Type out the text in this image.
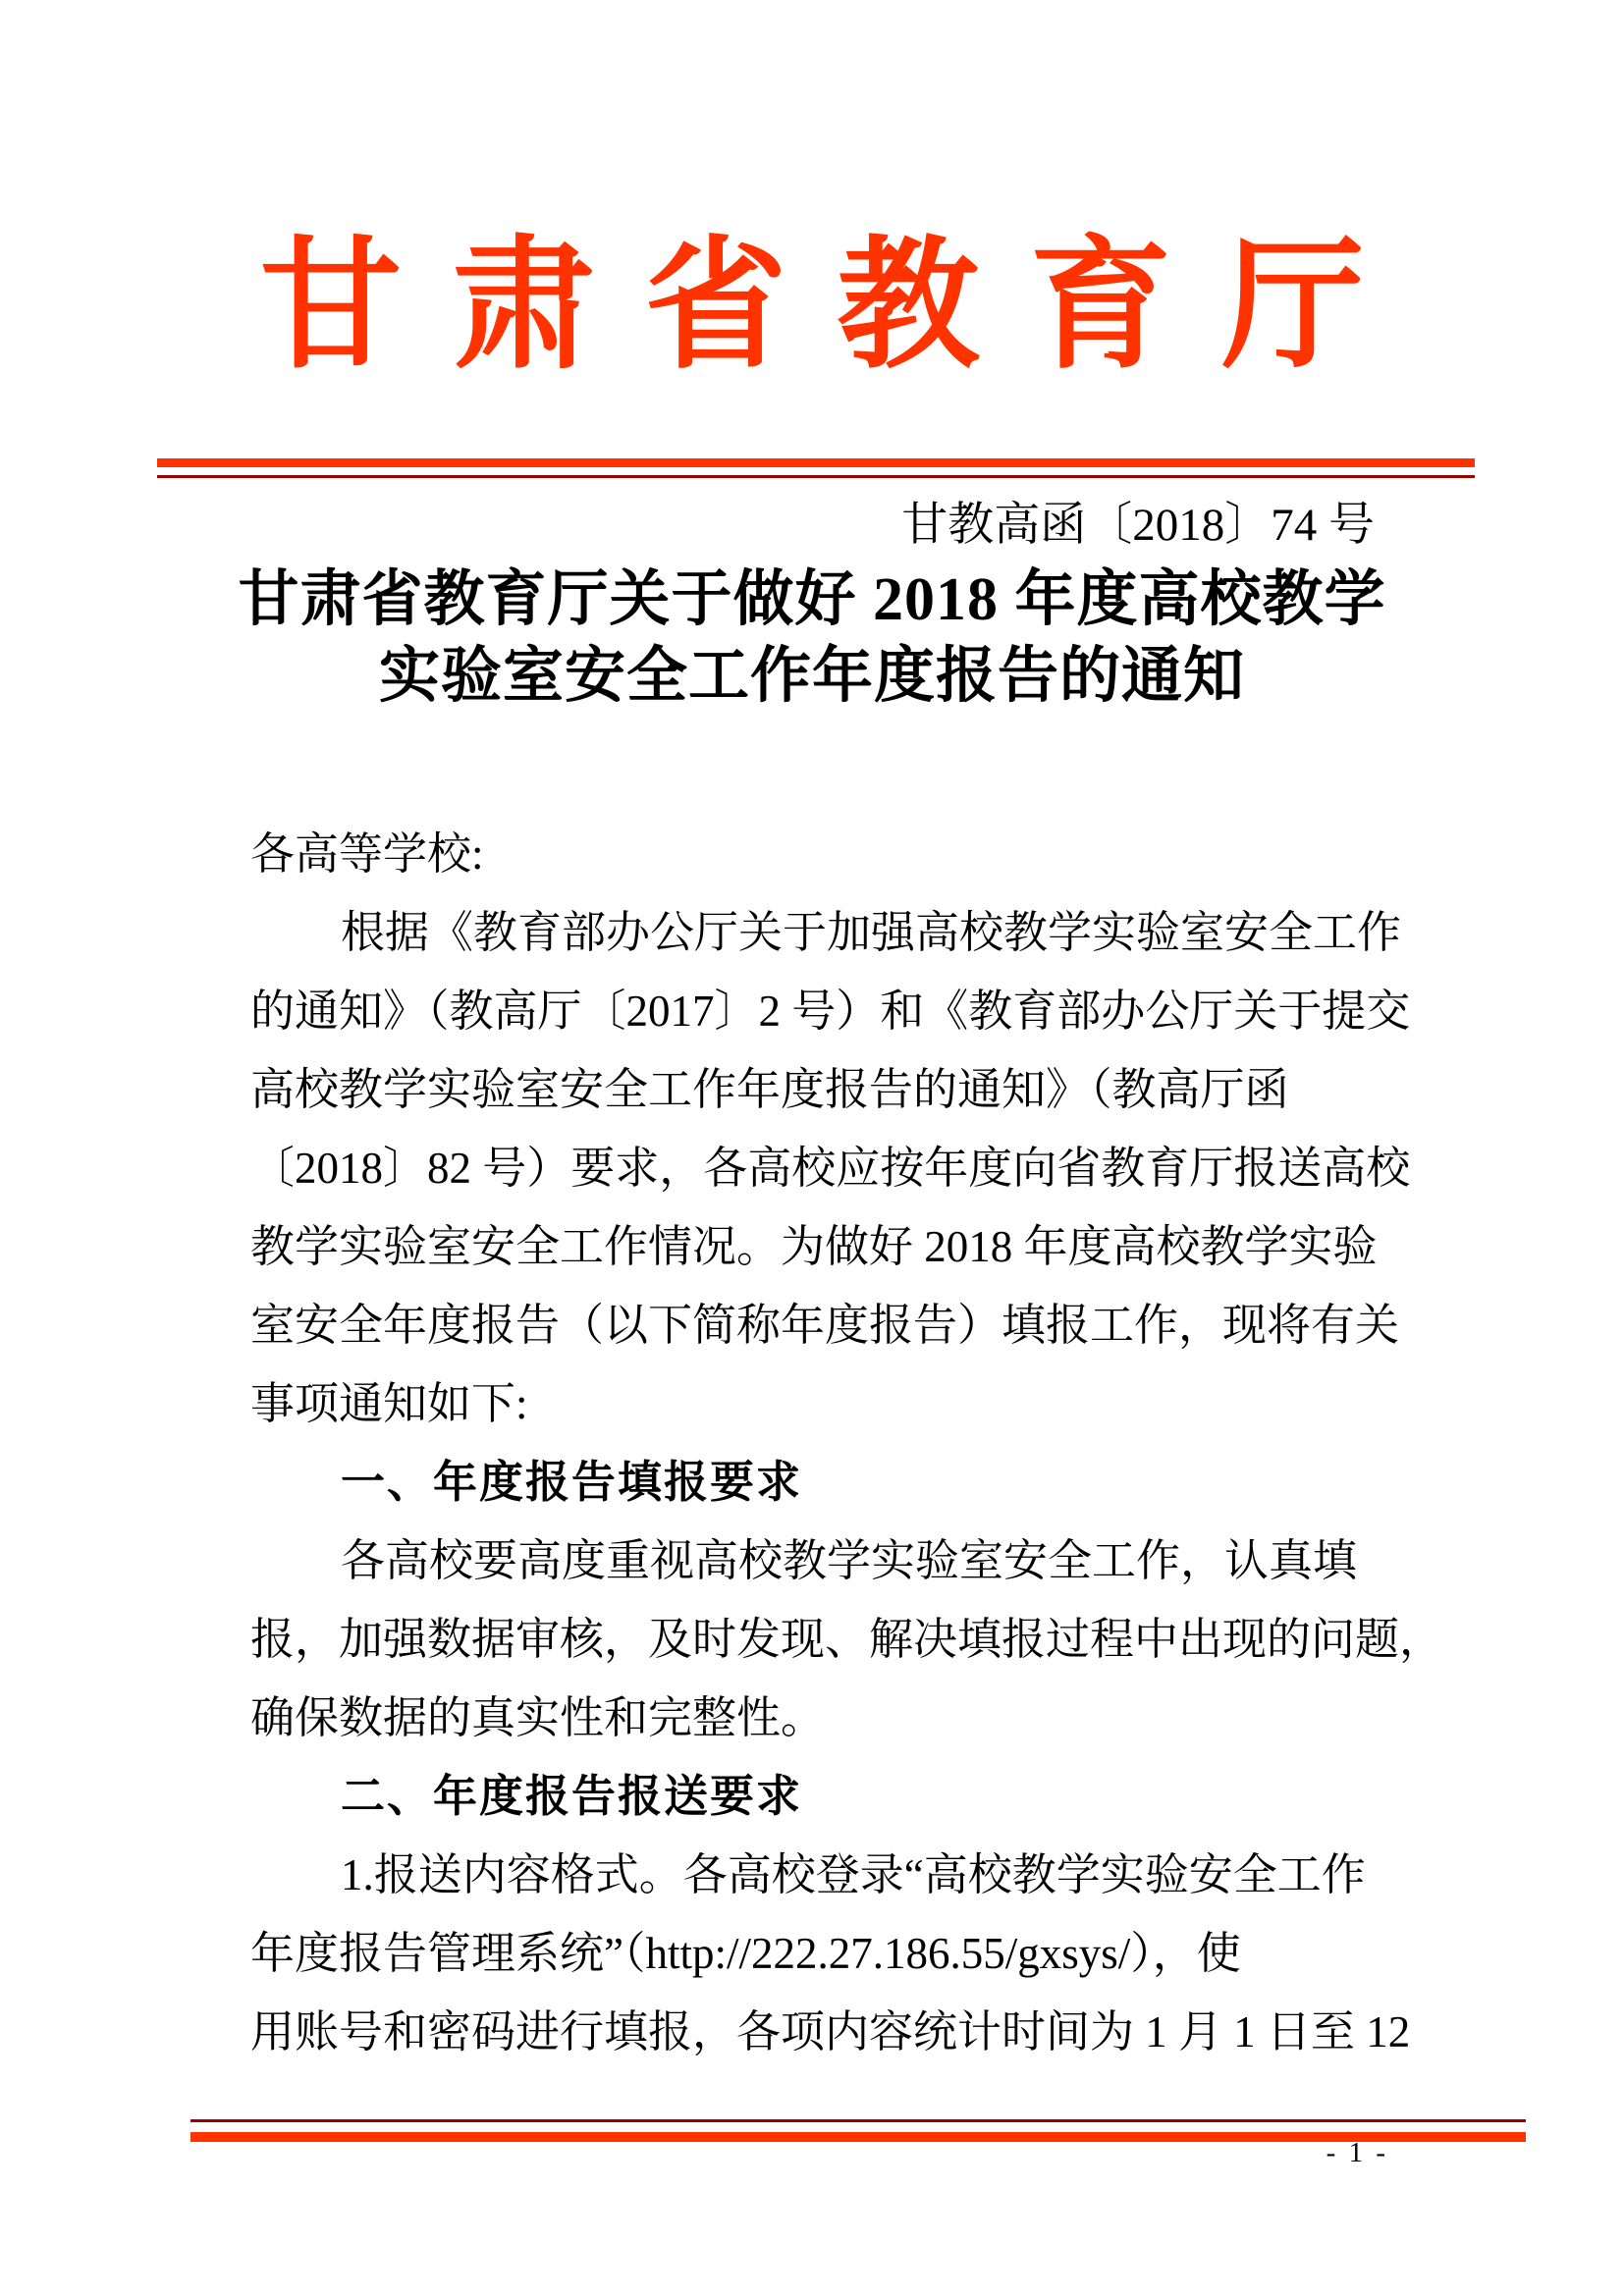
甘肃省教育厅
甘教高函〔2018〕74 号
甘肃省教育厅关于做好 2018 年度高校教学
实验室安全工作年度报告的通知
各高等学校:
根据《教育部办公厅关于加强高校教学实验室安全工作
的通知》（教高厅〔2017〕2 号）和《教育部办公厅关于提交
高校教学实验室安全工作年度报告的通知》（教高厅函
〔2018〕82 号）要求，各高校应按年度向省教育厅报送高校
教学实验室安全工作情况。为做好 2018 年度高校教学实验
室安全年度报告（以下简称年度报告）填报工作，现将有关
事项通知如下:
一、年度报告填报要求
各高校要高度重视高校教学实验室安全工作，认真填
报，加强数据审核，及时发现、解决填报过程中出现的问题，
确保数据的真实性和完整性。
二、年度报告报送要求
1.报送内容格式。各高校登录“高校教学实验安全工作
年度报告管理系统”（http://222.27.186.55/gxsys/），使
用账号和密码进行填报，各项内容统计时间为 1 月 1 日至 12
- 1 -
